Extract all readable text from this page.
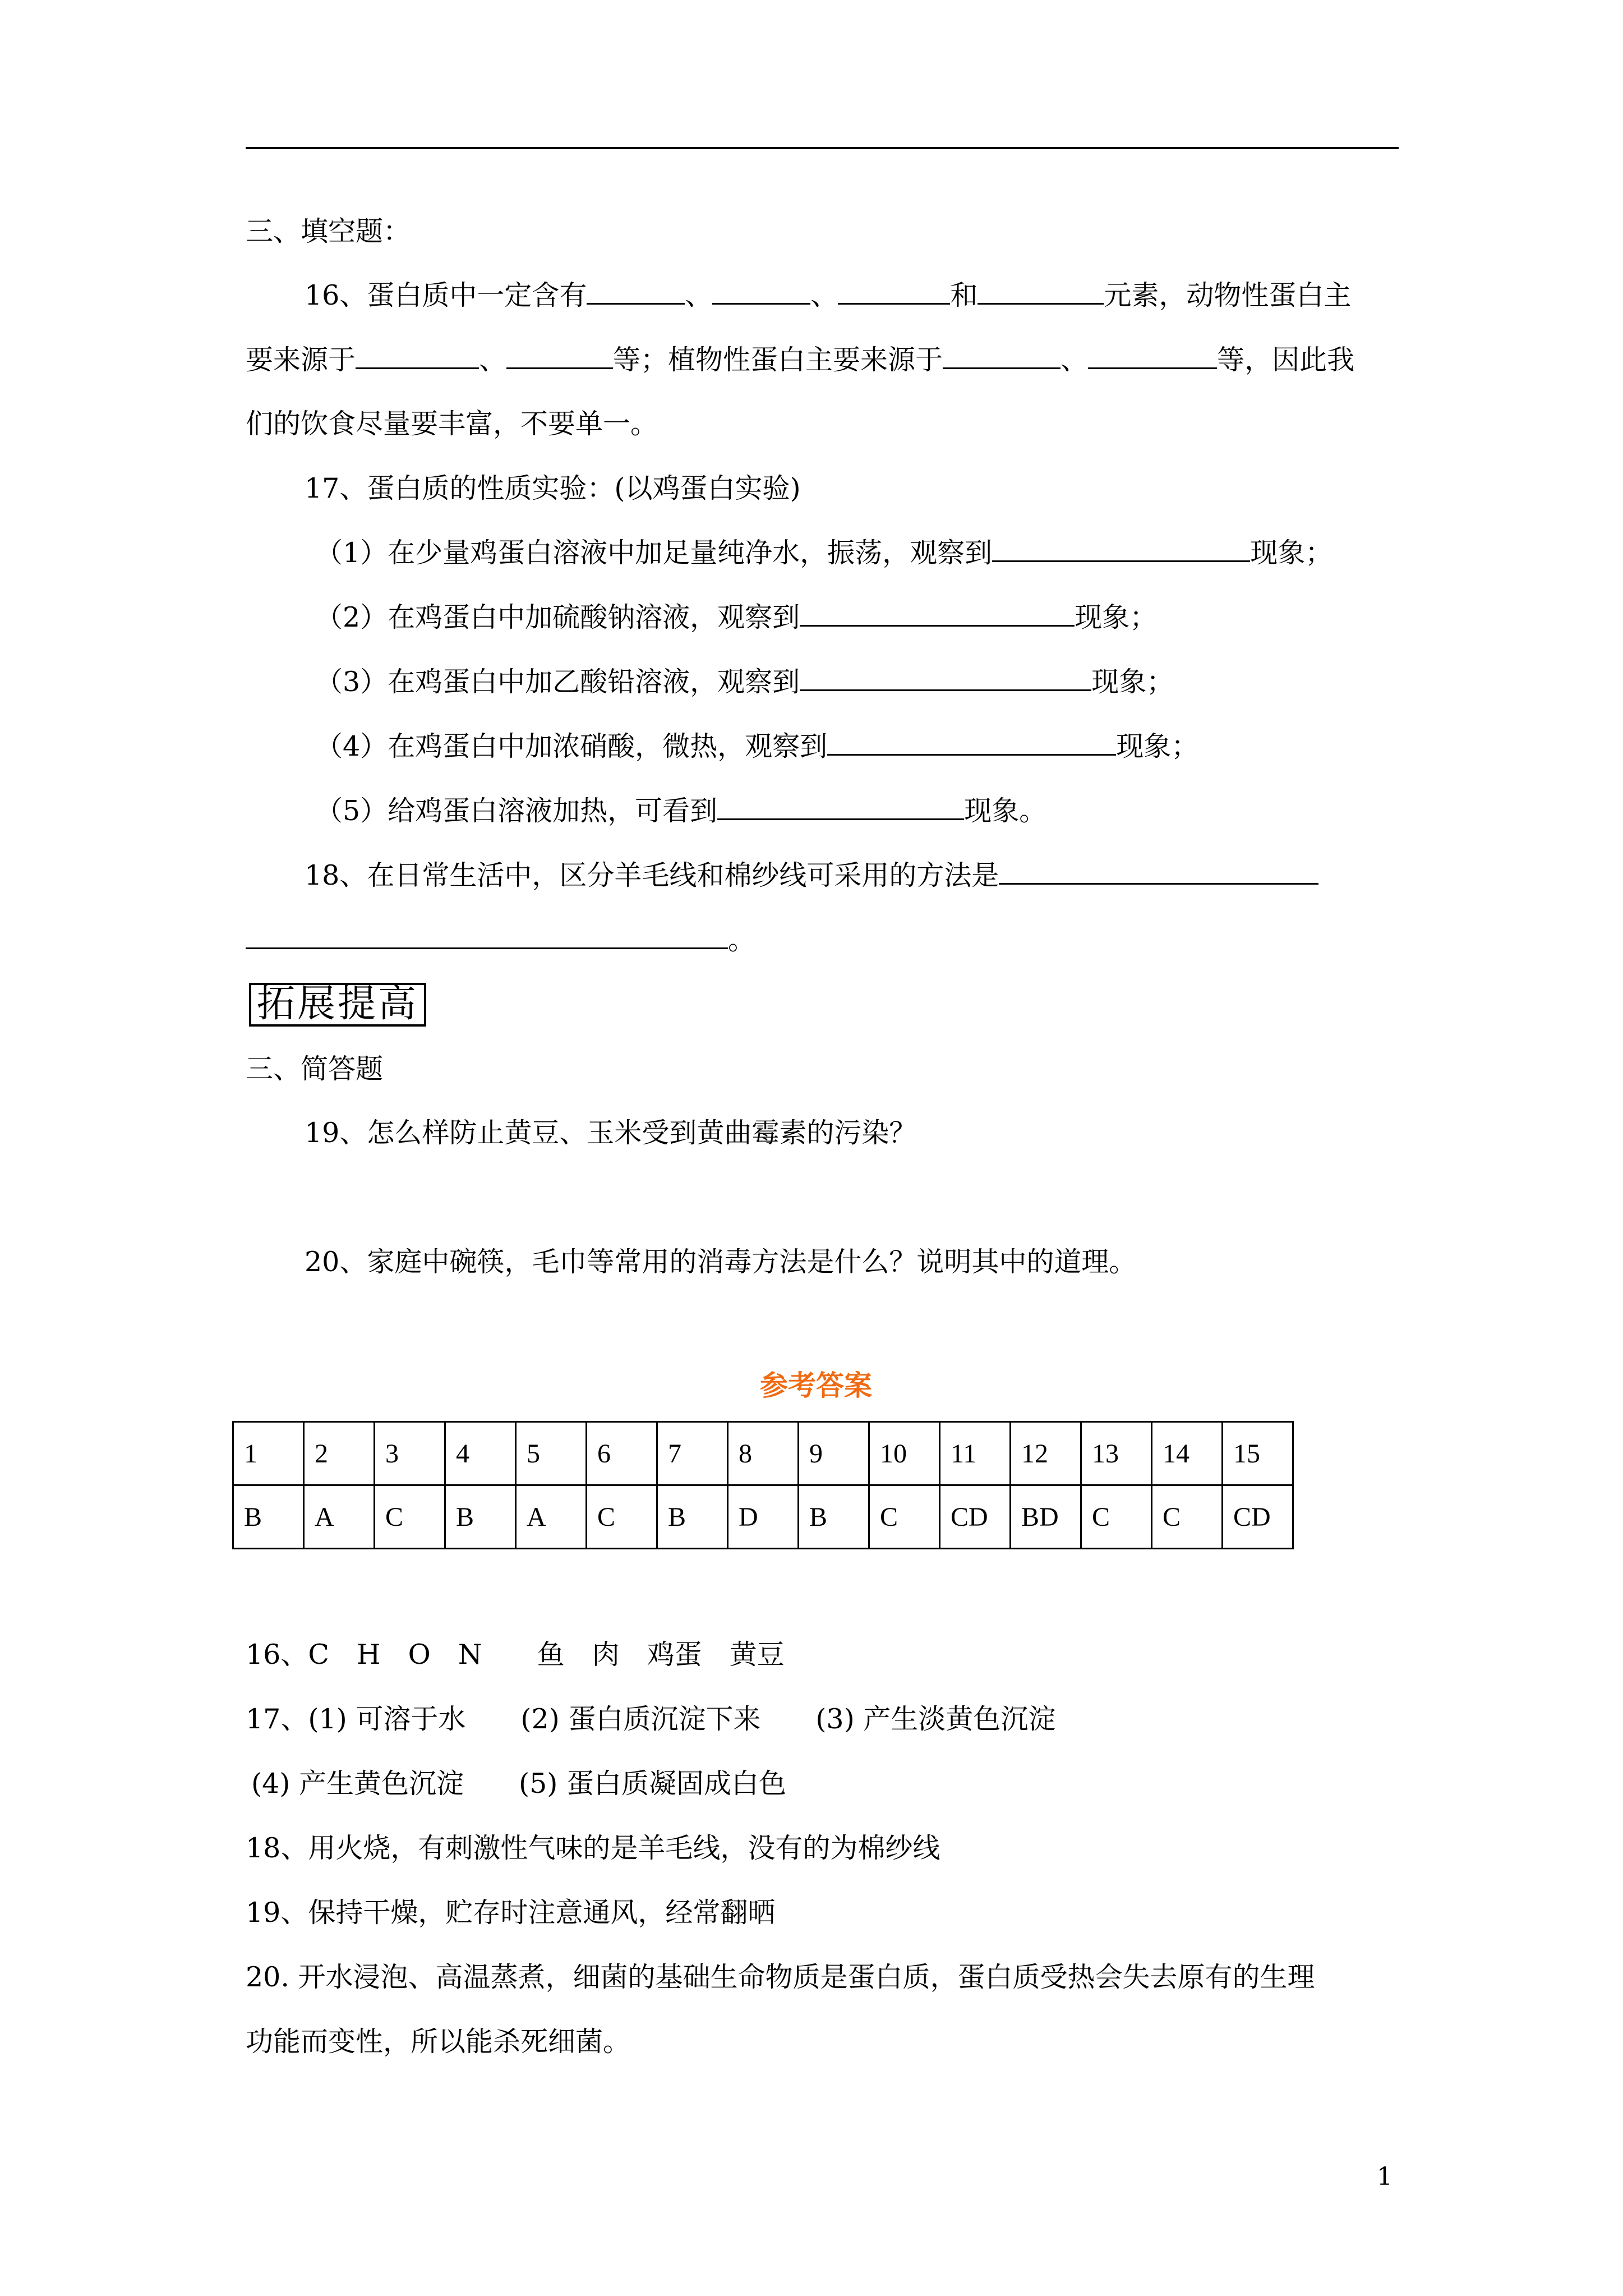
三、填空题：
16、蛋白质中一定含有	、	、	和	元素，动物性蛋白主
要来源于	、	等；植物性蛋白主要来源于	、	等，因此我
们的饮食尽量要丰富，不要单一。
17、蛋白质的性质实验：(以鸡蛋白实验)
（1）在少量鸡蛋白溶液中加足量纯净水，振荡，观察到	现象；
（2）在鸡蛋白中加硫酸钠溶液，观察到	现象；
（3）在鸡蛋白中加乙酸铅溶液，观察到	现象；
（4）在鸡蛋白中加浓硝酸，微热，观察到	现象；
（5）给鸡蛋白溶液加热，可看到	现象。
18、在日常生活中，区分羊毛线和棉纱线可采用的方法是
。
拓展提高
三、简答题
19、怎么样防止黄豆、玉米受到黄曲霉素的污染？
20、家庭中碗筷，毛巾等常用的消毒方法是什么？说明其中的道理。
参考答案
1	2	3	4	5	6	7	8	9	10	11	12	13	14	15
B	A	C	B	A	C	B	D	B	C	CD	BD	C	C	CD
16、C　H　O　N　　鱼　肉　鸡蛋　黄豆
17、(1) 可溶于水　　(2) 蛋白质沉淀下来　　(3) 产生淡黄色沉淀
(4) 产生黄色沉淀　　(5) 蛋白质凝固成白色
18、用火烧，有刺激性气味的是羊毛线，没有的为棉纱线
19、保持干燥，贮存时注意通风，经常翻晒
20. 开水浸泡、高温蒸煮，细菌的基础生命物质是蛋白质，蛋白质受热会失去原有的生理
功能而变性，所以能杀死细菌。
1
